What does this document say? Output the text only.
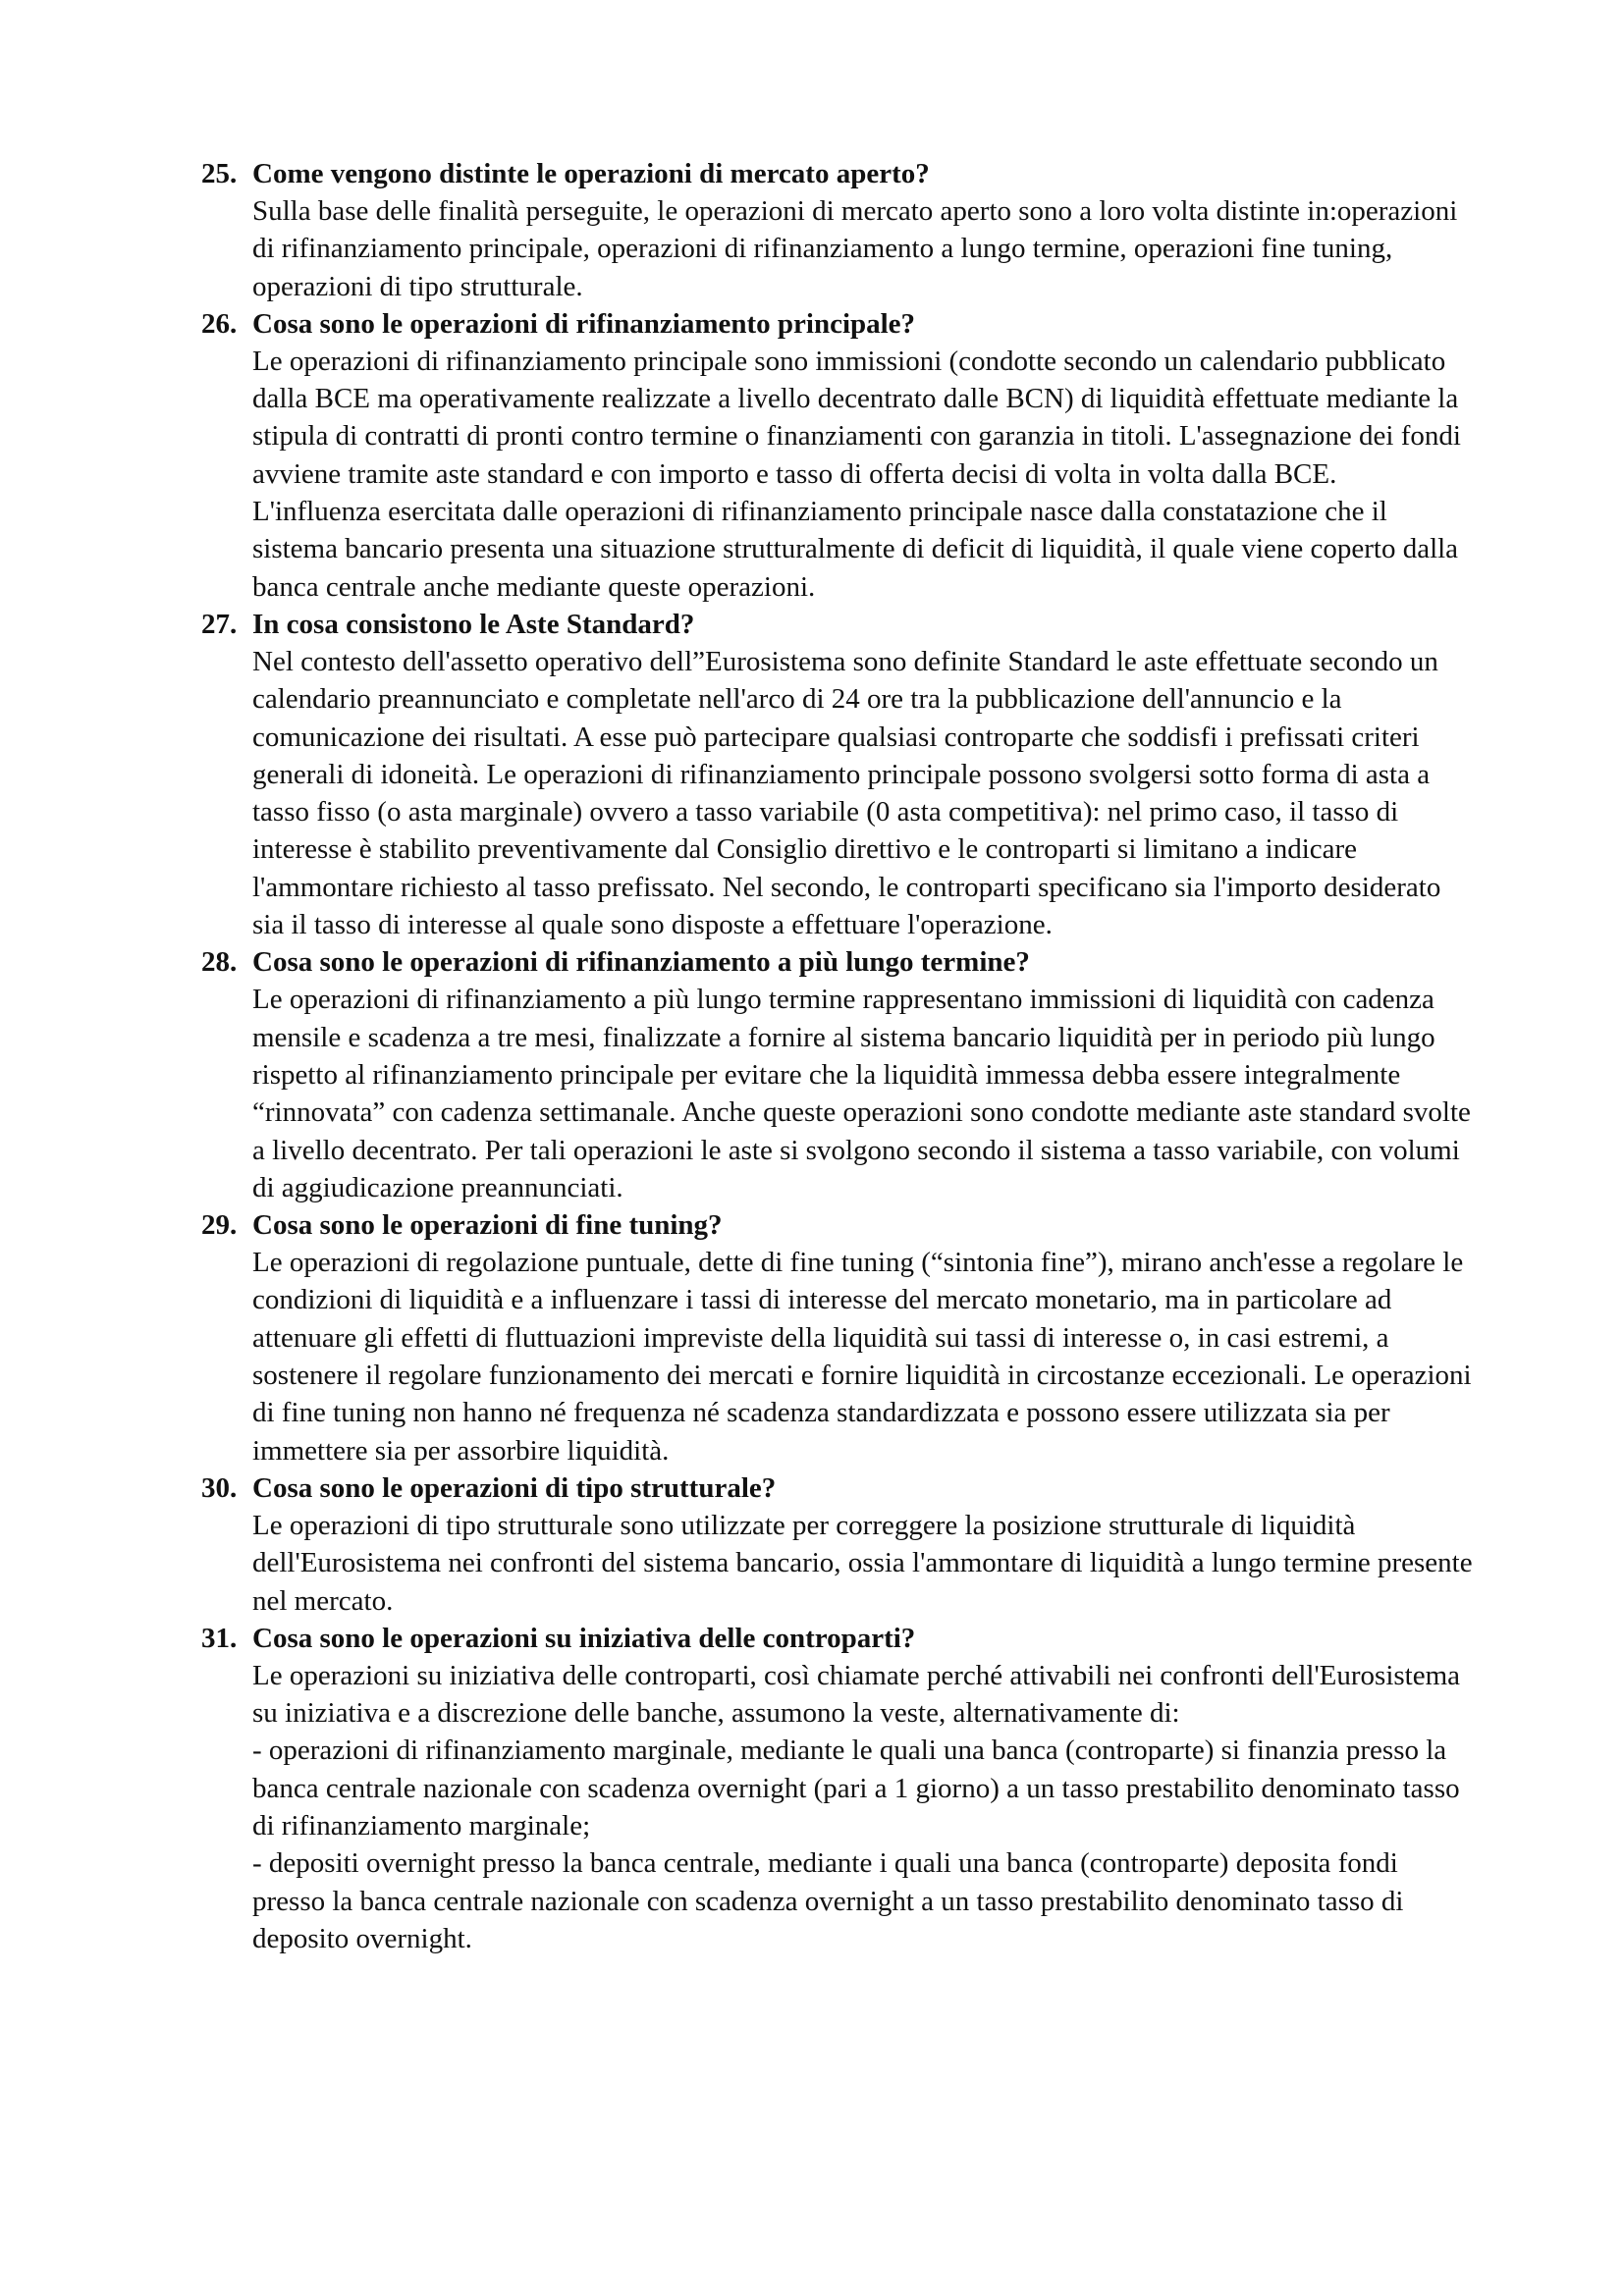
25. Come vengono distinte le operazioni di mercato aperto?

Sulla base delle finalità perseguite, le operazioni di mercato aperto sono a loro volta distinte in:operazioni di rifinanziamento principale, operazioni di rifinanziamento a lungo termine, operazioni fine tuning, operazioni di tipo strutturale.

26. Cosa sono le operazioni di rifinanziamento principale?

Le operazioni di rifinanziamento principale sono immissioni (condotte secondo un calendario pubblicato dalla BCE ma operativamente realizzate a livello decentrato dalle BCN) di liquidità effettuate mediante la stipula di contratti di pronti contro termine o finanziamenti con garanzia in titoli. L'assegnazione dei fondi avviene tramite aste standard e con importo e tasso di offerta decisi di volta in volta dalla BCE.

L'influenza esercitata dalle operazioni di rifinanziamento principale nasce dalla constatazione che il sistema bancario presenta una situazione strutturalmente di deficit di liquidità, il quale viene coperto dalla banca centrale anche mediante queste operazioni.

27. In cosa consistono le Aste Standard?

Nel contesto dell'assetto operativo dell”Eurosistema sono definite Standard le aste effettuate secondo un calendario preannunciato e completate nell'arco di 24 ore tra la pubblicazione dell'annuncio e la comunicazione dei risultati. A esse può partecipare qualsiasi controparte che soddisfi i prefissati criteri generali di idoneità. Le operazioni di rifinanziamento principale possono svolgersi sotto forma di asta a tasso fisso (o asta marginale) ovvero a tasso variabile (0 asta competitiva): nel primo caso, il tasso di interesse è stabilito preventivamente dal Consiglio direttivo e le controparti si limitano a indicare l'ammontare richiesto al tasso prefissato. Nel secondo, le controparti specificano sia l'importo desiderato sia il tasso di interesse al quale sono disposte a effettuare l'operazione.

28. Cosa sono le operazioni di rifinanziamento a più lungo termine?

Le operazioni di rifinanziamento a più lungo termine rappresentano immissioni di liquidità con cadenza mensile e scadenza a tre mesi, finalizzate a fornire al sistema bancario liquidità per in periodo più lungo rispetto al rifinanziamento principale per evitare che la liquidità immessa debba essere integralmente “rinnovata” con cadenza settimanale. Anche queste operazioni sono condotte mediante aste standard svolte a livello decentrato. Per tali operazioni le aste si svolgono secondo il sistema a tasso variabile, con volumi di aggiudicazione preannunciati.

29. Cosa sono le operazioni di fine tuning?

Le operazioni di regolazione puntuale, dette di fine tuning (“sintonia fine”), mirano anch'esse a regolare le condizioni di liquidità e a influenzare i tassi di interesse del mercato monetario, ma in particolare ad attenuare gli effetti di fluttuazioni impreviste della liquidità sui tassi di interesse o, in casi estremi, a sostenere il regolare funzionamento dei mercati e fornire liquidità in circostanze eccezionali. Le operazioni di fine tuning non hanno né frequenza né scadenza standardizzata e possono essere utilizzata sia per immettere sia per assorbire liquidità.

30. Cosa sono le operazioni di tipo strutturale?

Le operazioni di tipo strutturale sono utilizzate per correggere la posizione strutturale di liquidità dell'Eurosistema nei confronti del sistema bancario, ossia l'ammontare di liquidità a lungo termine presente nel mercato.

31. Cosa sono le operazioni su iniziativa delle controparti?

Le operazioni su iniziativa delle controparti, così chiamate perché attivabili nei confronti dell'Eurosistema su iniziativa e a discrezione delle banche, assumono la veste, alternativamente di:

- operazioni di rifinanziamento marginale, mediante le quali una banca (controparte) si finanzia presso la banca centrale nazionale con scadenza overnight (pari a 1 giorno) a un tasso prestabilito denominato tasso di rifinanziamento marginale;

- depositi overnight presso la banca centrale, mediante i quali una banca (controparte) deposita fondi presso la banca centrale nazionale con scadenza overnight a un tasso prestabilito denominato tasso di deposito overnight.
